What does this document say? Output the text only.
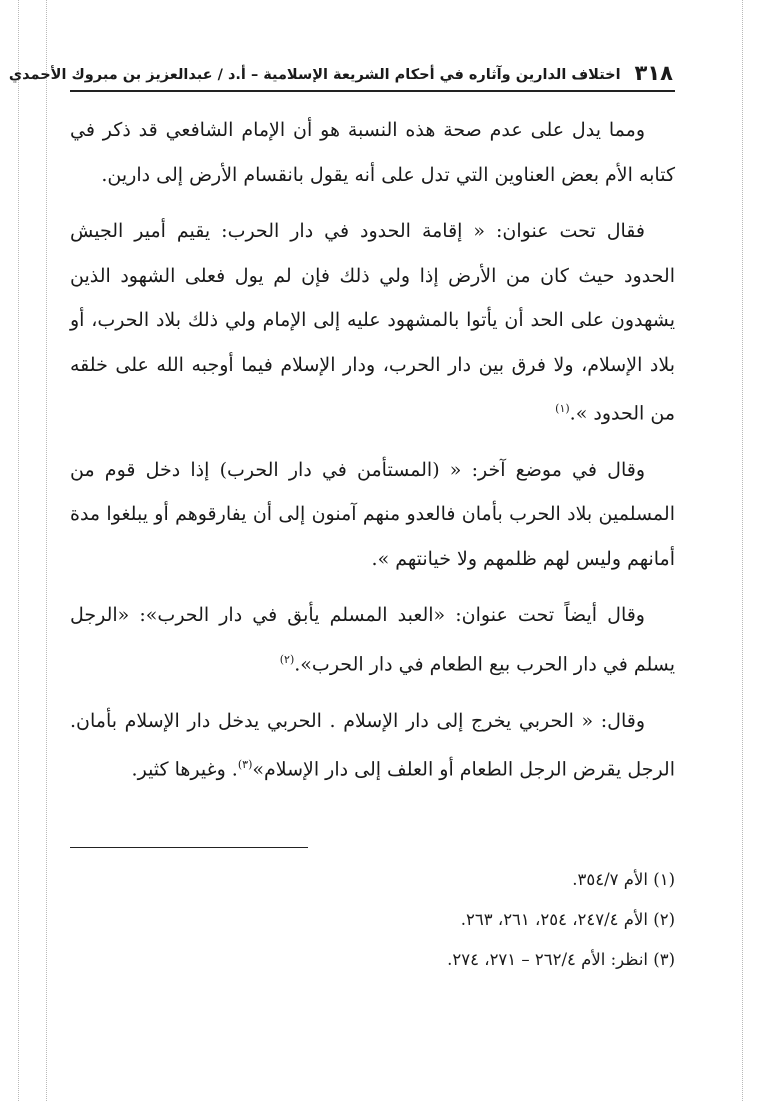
٣١٨
اختلاف الدارين وآثاره في أحكام الشريعة الإسلامية – أ.د / عبدالعزيز بن مبروك الأحمدي

ومما يدل على عدم صحة هذه النسبة هو أن الإمام الشافعي قد ذكر في كتابه الأم بعض العناوين التي تدل على أنه يقول بانقسام الأرض إلى دارين.

فقال تحت عنوان: « إقامة الحدود في دار الحرب: يقيم أمير الجيش الحدود حيث كان من الأرض إذا ولي ذلك فإن لم يول فعلى الشهود الذين يشهدون على الحد أن يأتوا بالمشهود عليه إلى الإمام ولي ذلك بلاد الحرب، أو بلاد الإسلام، ولا فرق بين دار الحرب، ودار الإسلام فيما أوجبه الله على خلقه من الحدود ».$^{(١)}$

وقال في موضع آخر: « (المستأمن في دار الحرب) إذا دخل قوم من المسلمين بلاد الحرب بأمان فالعدو منهم آمنون إلى أن يفارقوهم أو يبلغوا مدة أمانهم وليس لهم ظلمهم ولا خيانتهم ».

وقال أيضاً تحت عنوان: «العبد المسلم يأبق في دار الحرب»: «الرجل يسلم في دار الحرب بيع الطعام في دار الحرب».$^{(٢)}$

وقال: « الحربي يخرج إلى دار الإسلام . الحربي يدخل دار الإسلام بأمان. الرجل يقرض الرجل الطعام أو العلف إلى دار الإسلام»$^{(٣)}$. وغيرها كثير.

(١) الأم ٣٥٤/٧.

(٢) الأم ٢٤٧/٤، ٢٥٤، ٢٦١، ٢٦٣.

(٣) انظر: الأم ٢٦٢/٤ – ٢٧١، ٢٧٤.
